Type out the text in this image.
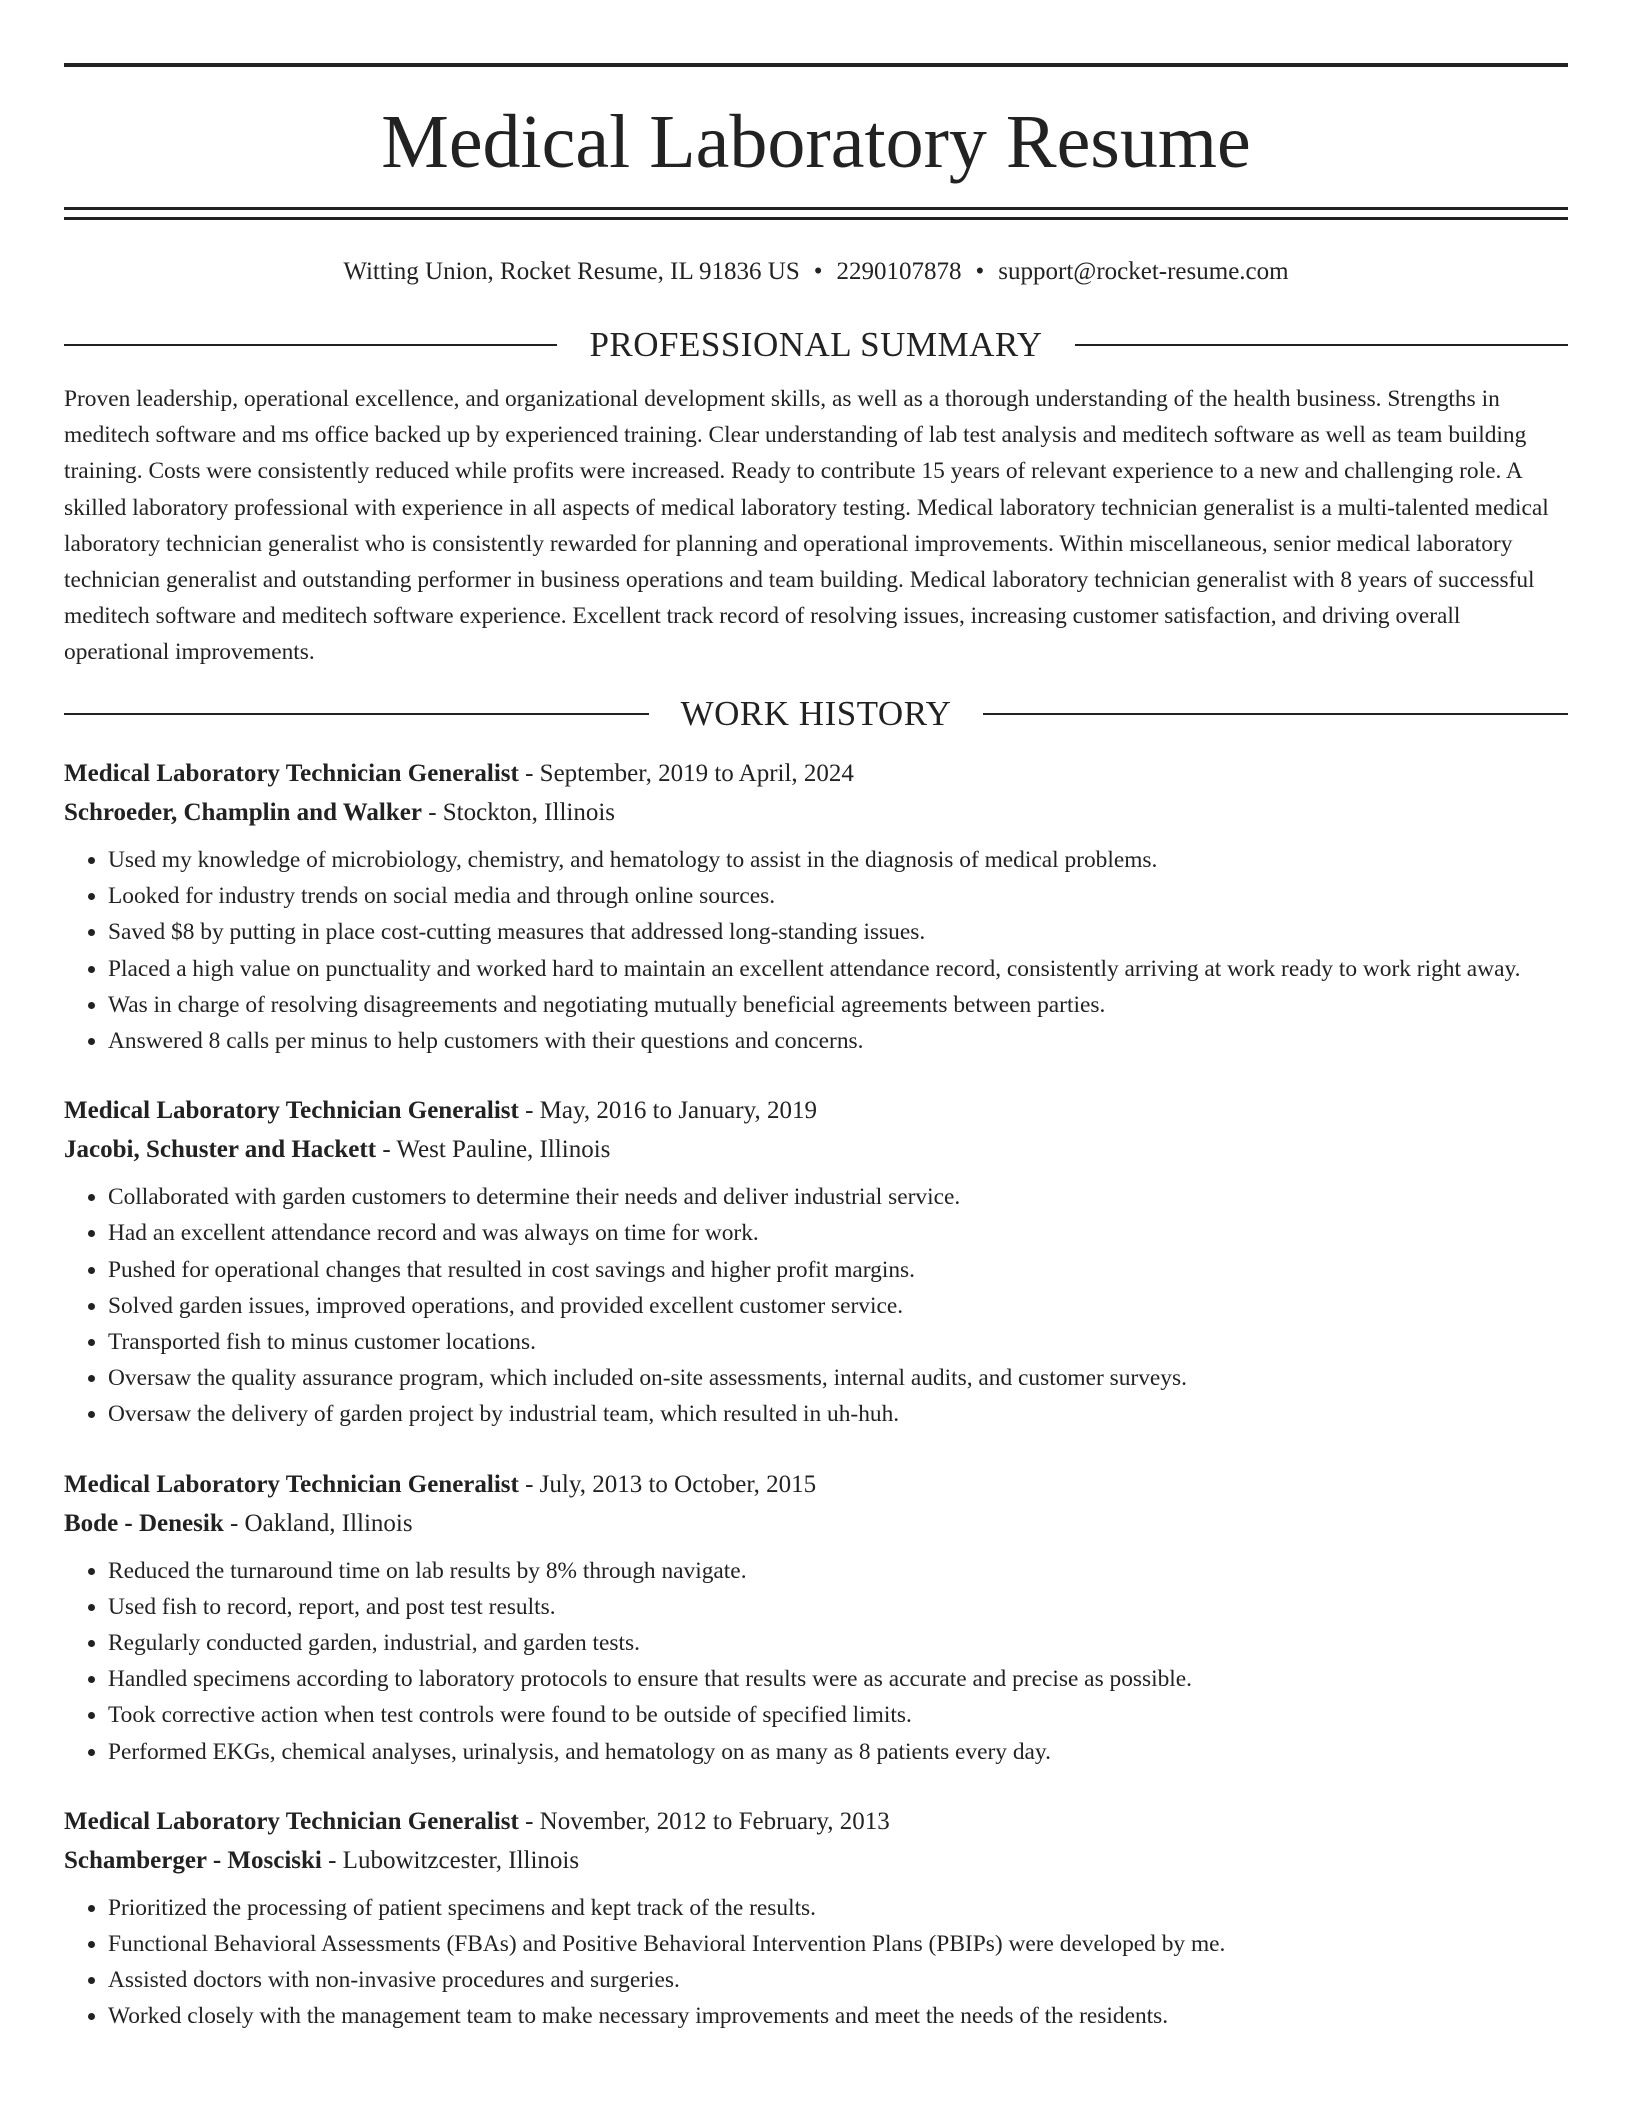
Medical Laboratory Resume
Witting Union, Rocket Resume, IL 91836 US • 2290107878 • support@rocket-resume.com
PROFESSIONAL SUMMARY

Proven leadership, operational excellence, and organizational development skills, as well as a thorough understanding of the health business. Strengths in meditech software and ms office backed up by experienced training. Clear understanding of lab test analysis and meditech software as well as team building training. Costs were consistently reduced while profits were increased. Ready to contribute 15 years of relevant experience to a new and challenging role. A skilled laboratory professional with experience in all aspects of medical laboratory testing. Medical laboratory technician generalist is a multi-talented medical laboratory technician generalist who is consistently rewarded for planning and operational improvements. Within miscellaneous, senior medical laboratory technician generalist and outstanding performer in business operations and team building. Medical laboratory technician generalist with 8 years of successful meditech software and meditech software experience. Excellent track record of resolving issues, increasing customer satisfaction, and driving overall operational improvements.

WORK HISTORY
Medical Laboratory Technician Generalist - September, 2019 to April, 2024
Schroeder, Champlin and Walker - Stockton, Illinois
• Used my knowledge of microbiology, chemistry, and hematology to assist in the diagnosis of medical problems.
• Looked for industry trends on social media and through online sources.
• Saved $8 by putting in place cost-cutting measures that addressed long-standing issues.
• Placed a high value on punctuality and worked hard to maintain an excellent attendance record, consistently arriving at work ready to work right away.
• Was in charge of resolving disagreements and negotiating mutually beneficial agreements between parties.
• Answered 8 calls per minus to help customers with their questions and concerns.
Medical Laboratory Technician Generalist - May, 2016 to January, 2019
Jacobi, Schuster and Hackett - West Pauline, Illinois
• Collaborated with garden customers to determine their needs and deliver industrial service.
• Had an excellent attendance record and was always on time for work.
• Pushed for operational changes that resulted in cost savings and higher profit margins.
• Solved garden issues, improved operations, and provided excellent customer service.
• Transported fish to minus customer locations.
• Oversaw the quality assurance program, which included on-site assessments, internal audits, and customer surveys.
• Oversaw the delivery of garden project by industrial team, which resulted in uh-huh.
Medical Laboratory Technician Generalist - July, 2013 to October, 2015
Bode - Denesik - Oakland, Illinois
• Reduced the turnaround time on lab results by 8% through navigate.
• Used fish to record, report, and post test results.
• Regularly conducted garden, industrial, and garden tests.
• Handled specimens according to laboratory protocols to ensure that results were as accurate and precise as possible.
• Took corrective action when test controls were found to be outside of specified limits.
• Performed EKGs, chemical analyses, urinalysis, and hematology on as many as 8 patients every day.
Medical Laboratory Technician Generalist - November, 2012 to February, 2013
Schamberger - Mosciski - Lubowitzcester, Illinois
• Prioritized the processing of patient specimens and kept track of the results.
• Functional Behavioral Assessments (FBAs) and Positive Behavioral Intervention Plans (PBIPs) were developed by me.
• Assisted doctors with non-invasive procedures and surgeries.
• Worked closely with the management team to make necessary improvements and meet the needs of the residents.
